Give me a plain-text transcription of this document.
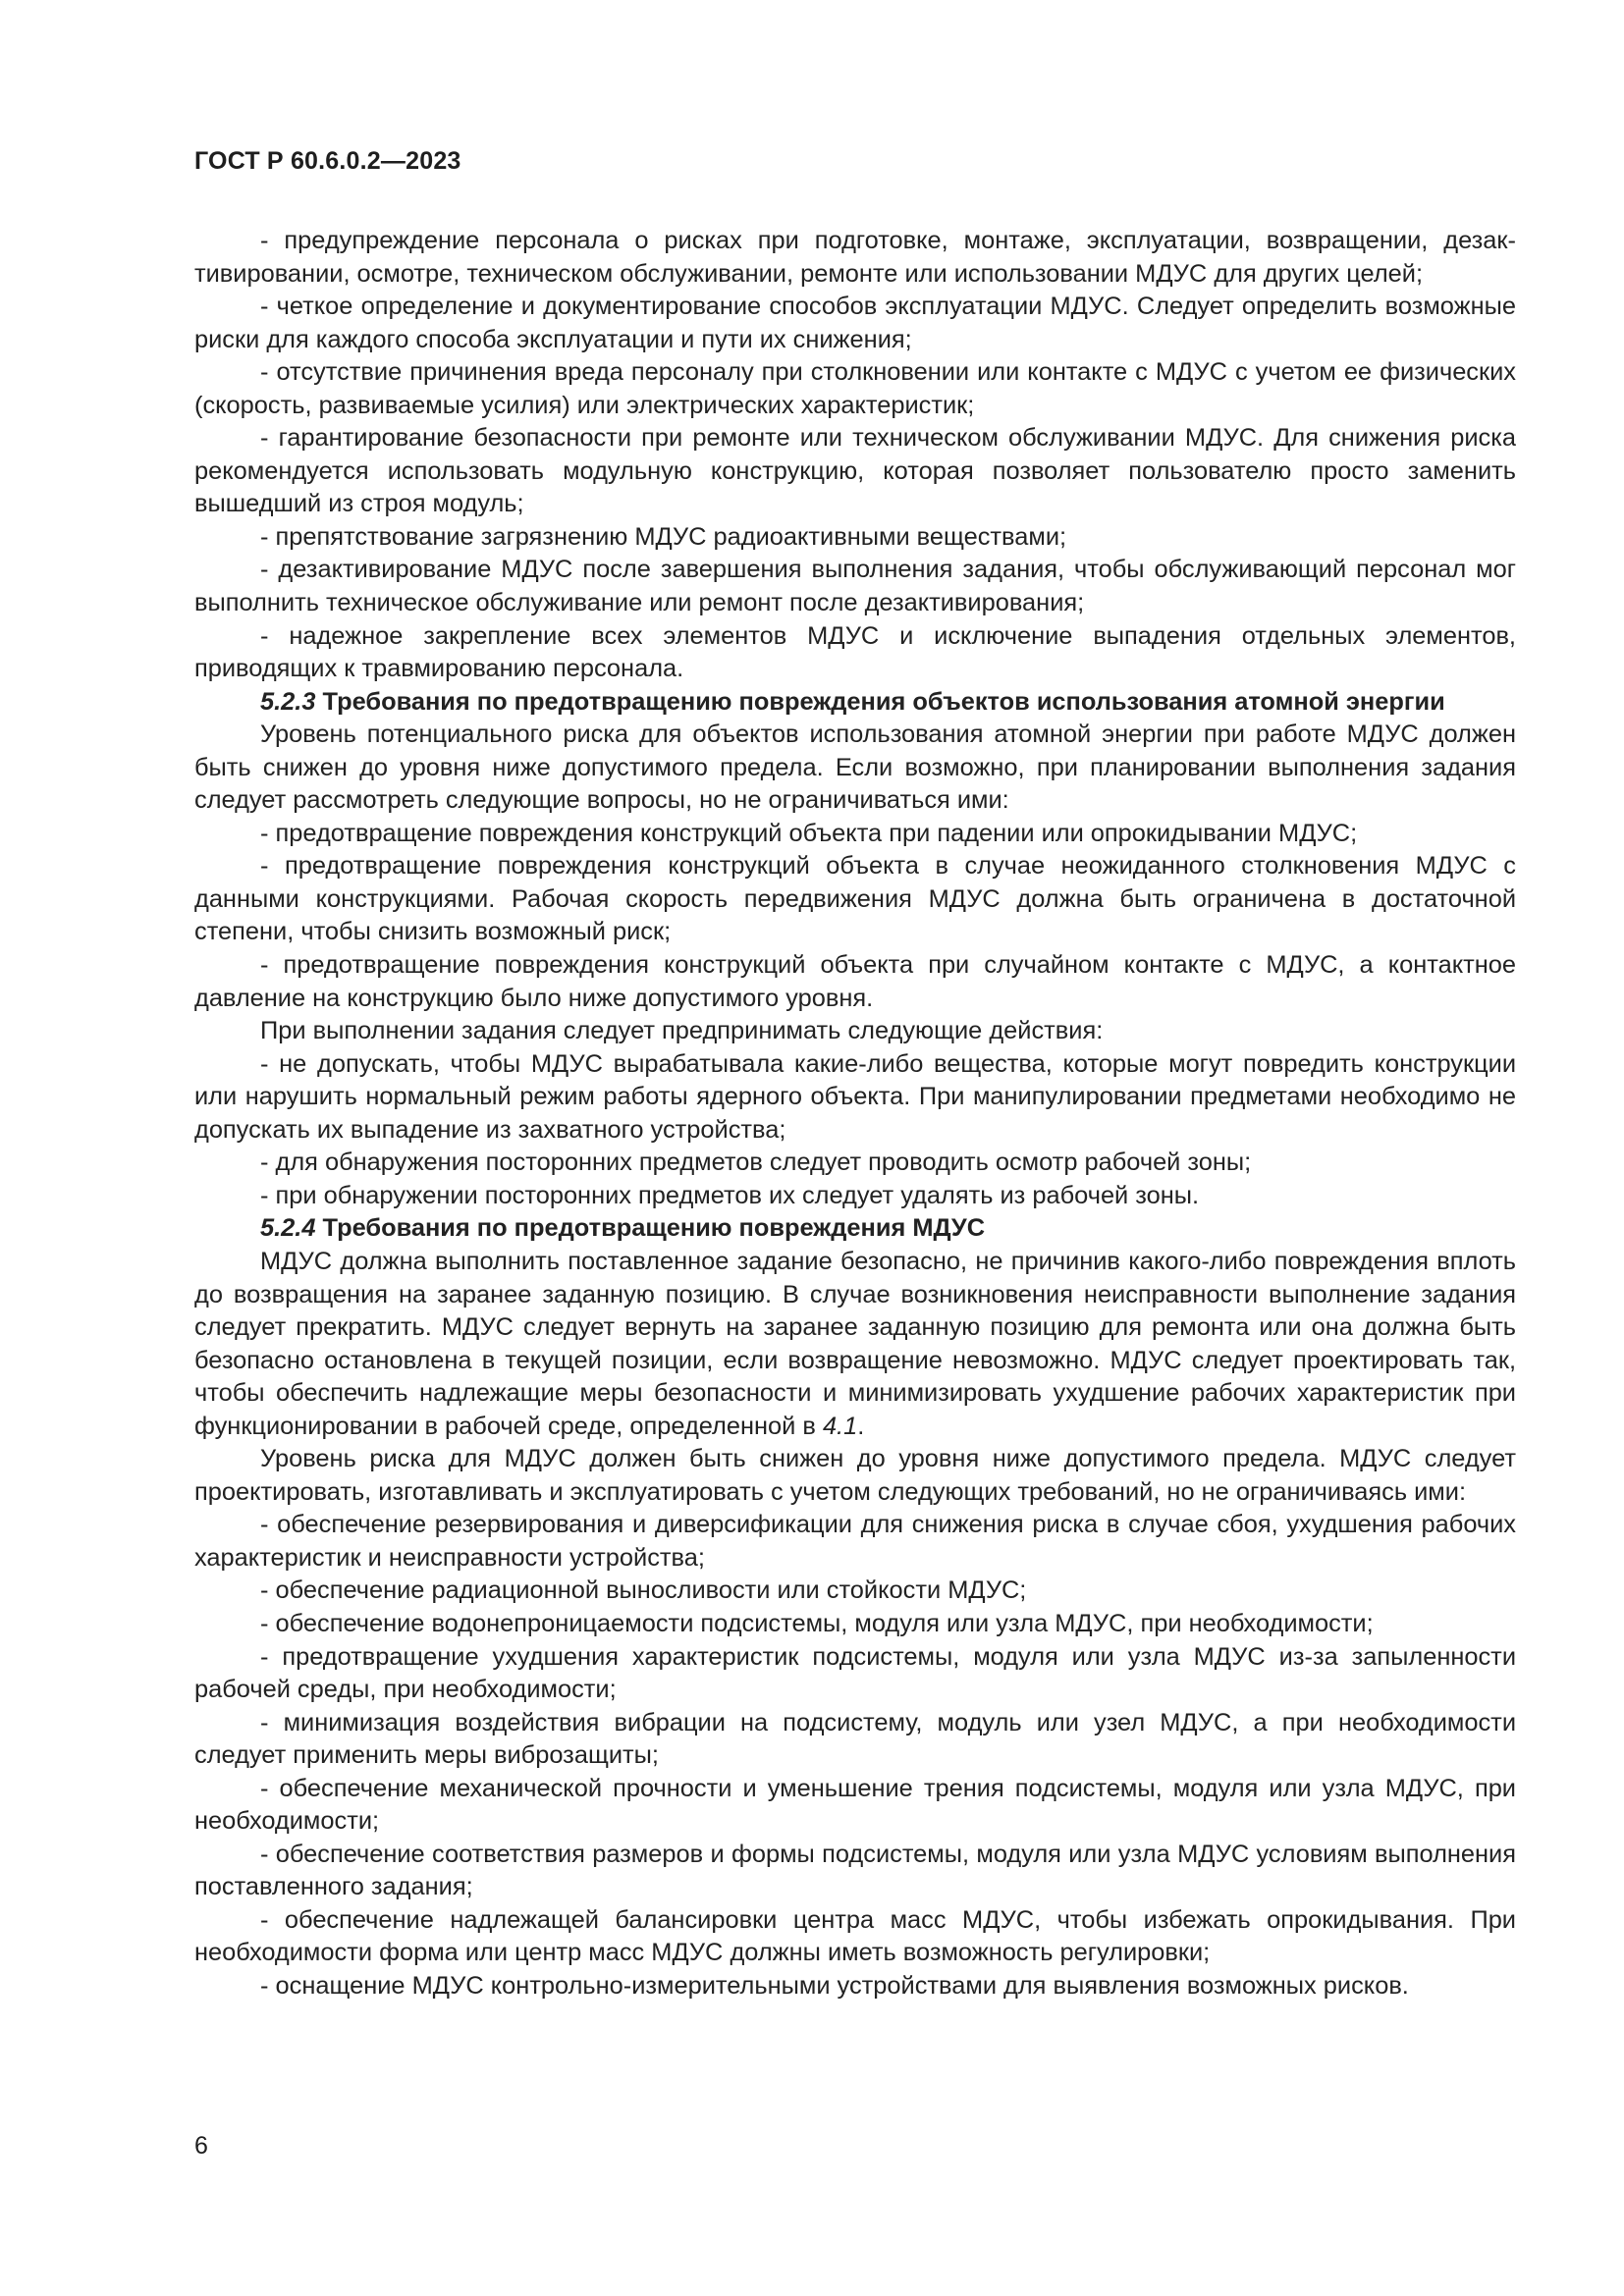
ГОСТ Р 60.6.0.2—2023

- предупреждение персонала о рисках при подготовке, монтаже, эксплуатации, возвращении, дезактивировании, осмотре, техническом обслуживании, ремонте или использовании МДУС для других целей;

- четкое определение и документирование способов эксплуатации МДУС. Следует определить возможные риски для каждого способа эксплуатации и пути их снижения;

- отсутствие причинения вреда персоналу при столкновении или контакте с МДУС с учетом ее физических (скорость, развиваемые усилия) или электрических характеристик;

- гарантирование безопасности при ремонте или техническом обслуживании МДУС. Для снижения риска рекомендуется использовать модульную конструкцию, которая позволяет пользователю просто заменить вышедший из строя модуль;

- препятствование загрязнению МДУС радиоактивными веществами;

- дезактивирование МДУС после завершения выполнения задания, чтобы обслуживающий персонал мог выполнить техническое обслуживание или ремонт после дезактивирования;

- надежное закрепление всех элементов МДУС и исключение выпадения отдельных элементов, приводящих к травмированию персонала.

5.2.3 Требования по предотвращению повреждения объектов использования атомной энергии

Уровень потенциального риска для объектов использования атомной энергии при работе МДУС должен быть снижен до уровня ниже допустимого предела. Если возможно, при планировании выполнения задания следует рассмотреть следующие вопросы, но не ограничиваться ими:

- предотвращение повреждения конструкций объекта при падении или опрокидывании МДУС;

- предотвращение повреждения конструкций объекта в случае неожиданного столкновения МДУС с данными конструкциями. Рабочая скорость передвижения МДУС должна быть ограничена в достаточной степени, чтобы снизить возможный риск;

- предотвращение повреждения конструкций объекта при случайном контакте с МДУС, а контактное давление на конструкцию было ниже допустимого уровня.

При выполнении задания следует предпринимать следующие действия:

- не допускать, чтобы МДУС вырабатывала какие-либо вещества, которые могут повредить конструкции или нарушить нормальный режим работы ядерного объекта. При манипулировании предметами необходимо не допускать их выпадение из захватного устройства;

- для обнаружения посторонних предметов следует проводить осмотр рабочей зоны;

- при обнаружении посторонних предметов их следует удалять из рабочей зоны.

5.2.4 Требования по предотвращению повреждения МДУС

МДУС должна выполнить поставленное задание безопасно, не причинив какого-либо повреждения вплоть до возвращения на заранее заданную позицию. В случае возникновения неисправности выполнение задания следует прекратить. МДУС следует вернуть на заранее заданную позицию для ремонта или она должна быть безопасно остановлена в текущей позиции, если возвращение невозможно. МДУС следует проектировать так, чтобы обеспечить надлежащие меры безопасности и минимизировать ухудшение рабочих характеристик при функционировании в рабочей среде, определенной в 4.1.

Уровень риска для МДУС должен быть снижен до уровня ниже допустимого предела. МДУС следует проектировать, изготавливать и эксплуатировать с учетом следующих требований, но не ограничиваясь ими:

- обеспечение резервирования и диверсификации для снижения риска в случае сбоя, ухудшения рабочих характеристик и неисправности устройства;

- обеспечение радиационной выносливости или стойкости МДУС;

- обеспечение водонепроницаемости подсистемы, модуля или узла МДУС, при необходимости;

- предотвращение ухудшения характеристик подсистемы, модуля или узла МДУС из-за запыленности рабочей среды, при необходимости;

- минимизация воздействия вибрации на подсистему, модуль или узел МДУС, а при необходимости следует применить меры виброзащиты;

- обеспечение механической прочности и уменьшение трения подсистемы, модуля или узла МДУС, при необходимости;

- обеспечение соответствия размеров и формы подсистемы, модуля или узла МДУС условиям выполнения поставленного задания;

- обеспечение надлежащей балансировки центра масс МДУС, чтобы избежать опрокидывания. При необходимости форма или центр масс МДУС должны иметь возможность регулировки;

- оснащение МДУС контрольно-измерительными устройствами для выявления возможных рисков.

6
